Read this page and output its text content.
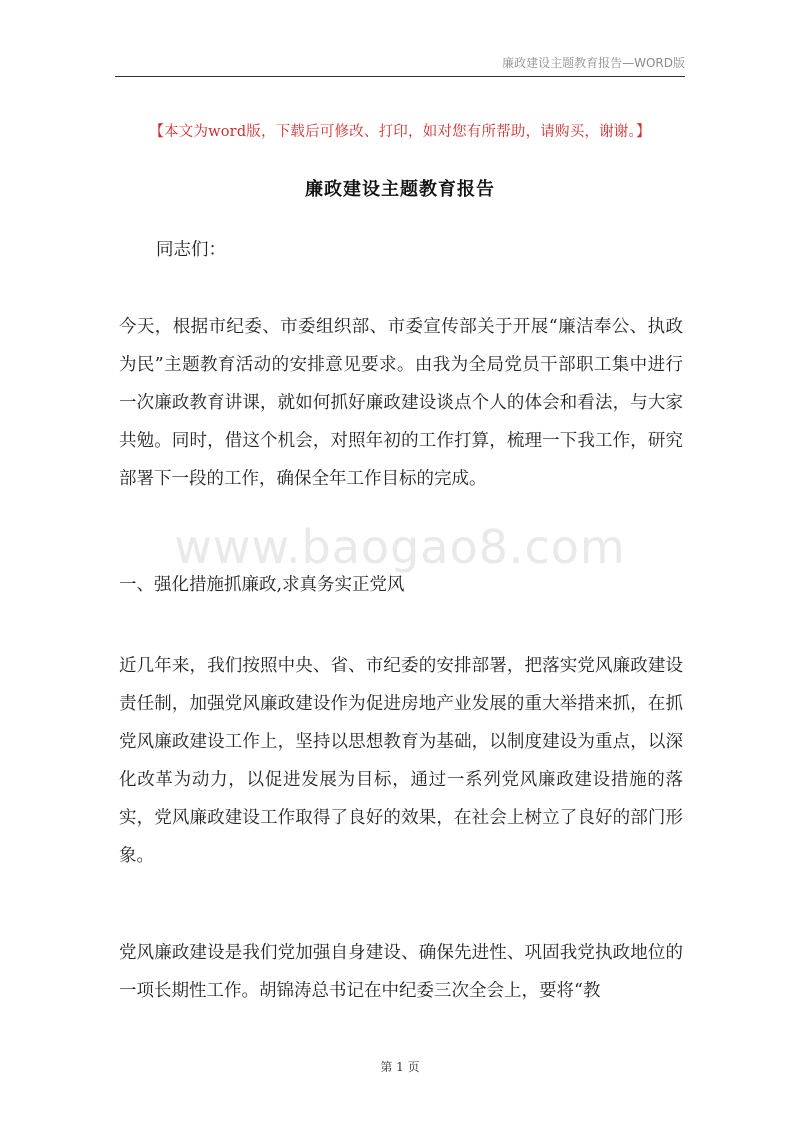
廉政建设主题教育报告—WORD版
【本文为word版，下载后可修改、打印，如对您有所帮助，请购买，谢谢。】
廉政建设主题教育报告
同志们：
今天，根据市纪委、市委组织部、市委宣传部关于开展“廉洁奉公、执政为民”主题教育活动的安排意见要求。由我为全局党员干部职工集中进行一次廉政教育讲课，就如何抓好廉政建设谈点个人的体会和看法，与大家共勉。同时，借这个机会，对照年初的工作打算，梳理一下我工作，研究部署下一段的工作，确保全年工作目标的完成。
www.baogao8.com
一、强化措施抓廉政,求真务实正党风
近几年来，我们按照中央、省、市纪委的安排部署，把落实党风廉政建设责任制，加强党风廉政建设作为促进房地产业发展的重大举措来抓，在抓党风廉政建设工作上，坚持以思想教育为基础，以制度建设为重点，以深化改革为动力，以促进发展为目标，通过一系列党风廉政建设措施的落实，党风廉政建设工作取得了良好的效果，在社会上树立了良好的部门形象。
党风廉政建设是我们党加强自身建设、确保先进性、巩固我党执政地位的一项长期性工作。胡锦涛总书记在中纪委三次全会上，要将“教
第 1 页
